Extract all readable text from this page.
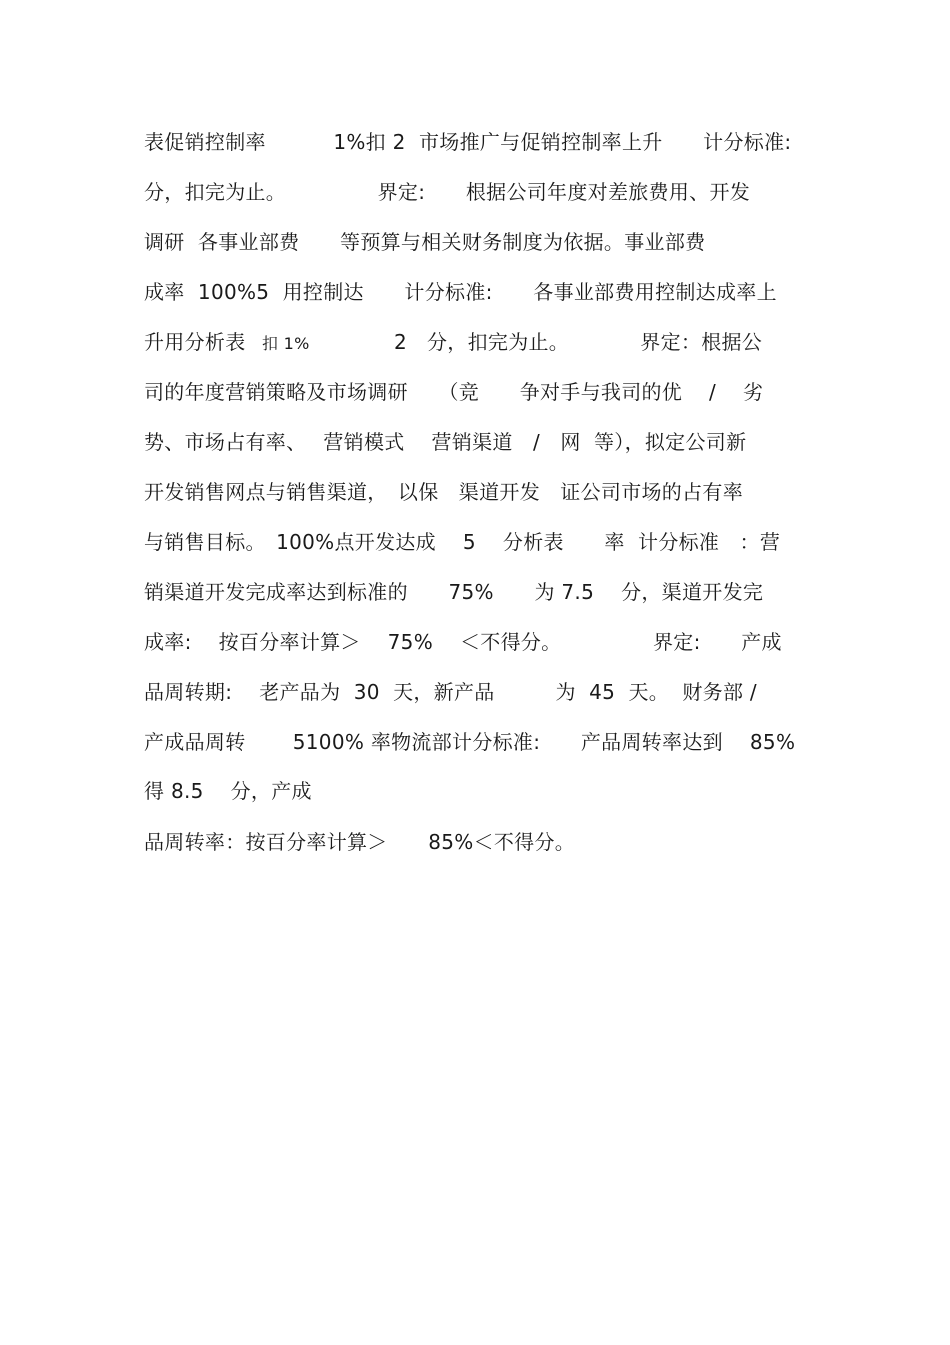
表促销控制率　　　 1%扣 2  市场推广与促销控制率上升　　计分标准:
分，扣完为止。　　　　　界定:　　根据公司年度对差旅费用、开发
调研  各事业部费　　等预算与相关财务制度为依据。事业部费
成率  100%5  用控制达　　计分标准:　　各事业部费用控制达成率上
升用分析表 扣 1%	2   分，扣完为止。　　　　界定：根据公
司的年度营销策略及市场调研　　（竞　　争对手与我司的优　 /　 劣
势、市场占有率、　 营销模式　 营销渠道　/　网  等），拟定公司新
开发销售网点与销售渠道，　以保　渠道开发　证公司市场的占有率
与销售目标。　100%点开发达成　 5　 分析表　　率  计分标准　：营
销渠道开发完成率达到标准的　　75%　　为 7.5　 分，渠道开发完
成率:　 按百分率计算＞　 75%　 ＜不得分。　　　　　界定:　　产成
品周转期:　 老产品为  30  天，新产品　　　为  45  天。  财务部 /
产成品周转　　 5100% 率物流部计分标准:　　产品周转率达到　 85%
得 8.5　 分，产成
品周转率：按百分率计算＞　　85%＜不得分。
